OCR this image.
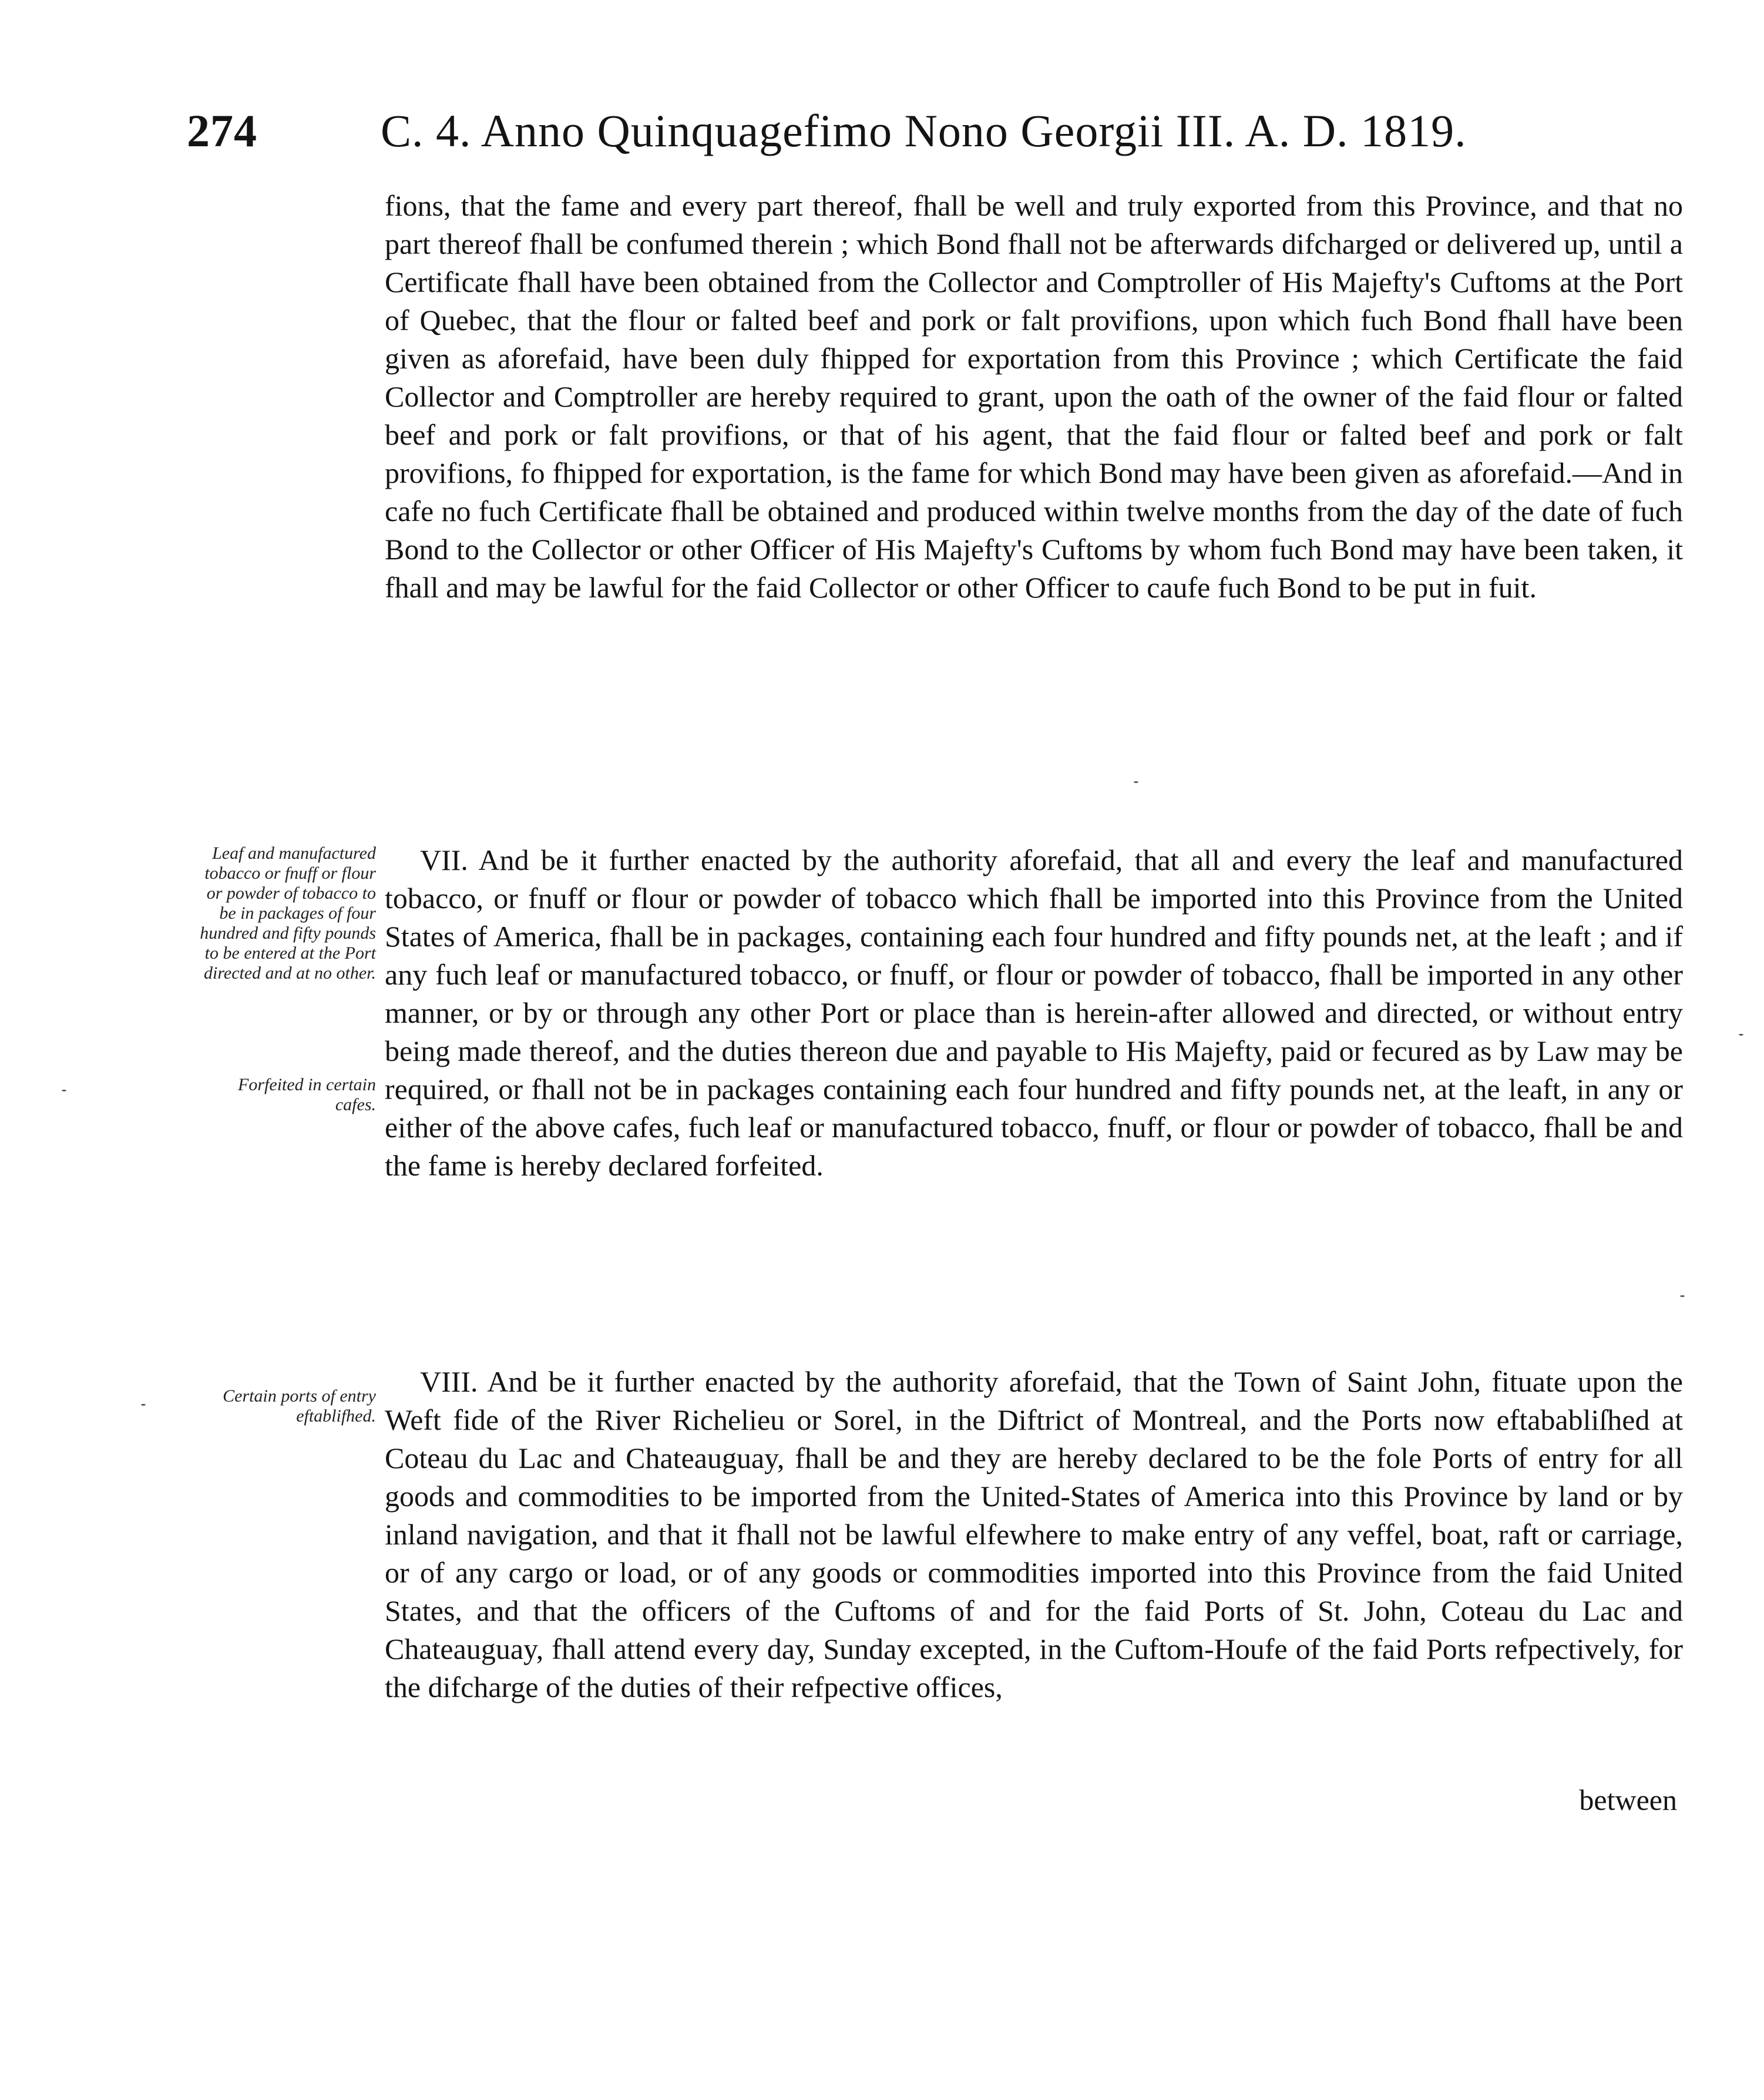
274	C. 4. Anno Quinquagefimo Nono Georgii III. A. D. 1819.
fions, that the fame and every part thereof, fhall be well and truly exported from this Province, and that no part thereof fhall be confumed therein ; which Bond fhall not be afterwards difcharged or delivered up, until a Certificate fhall have been obtained from the Collector and Comptroller of His Majefty's Cuftoms at the Port of Quebec, that the flour or falted beef and pork or falt provifions, upon which fuch Bond fhall have been given as aforefaid, have been duly fhipped for exportation from this Province ; which Certificate the faid Collector and Comptroller are hereby required to grant, upon the oath of the owner of the faid flour or falted beef and pork or falt provifions, or that of his agent, that the faid flour or falted beef and pork or falt provifions, fo fhipped for exportation, is the fame for which Bond may have been given as aforefaid.—And in cafe no fuch Certificate fhall be obtained and produced within twelve months from the day of the date of fuch Bond to the Collector or other Officer of His Majefty's Cuftoms by whom fuch Bond may have been taken, it fhall and may be lawful for the faid Collector or other Officer to caufe fuch Bond to be put in fuit.
Leaf and manufactured tobacco or fnuff or flour or powder of tobacco to be in packages of four hundred and fifty pounds to be entered at the Port directed and at no other.
Forfeited in certain cafes.
VII. And be it further enacted by the authority aforefaid, that all and every the leaf and manufactured tobacco, or fnuff or flour or powder of tobacco which fhall be imported into this Province from the United States of America, fhall be in packages, containing each four hundred and fifty pounds net, at the leaft ; and if any fuch leaf or manufactured tobacco, or fnuff, or flour or powder of tobacco, fhall be imported in any other manner, or by or through any other Port or place than is herein-after allowed and directed, or without entry being made thereof, and the duties thereon due and payable to His Majefty, paid or fecured as by Law may be required, or fhall not be in packages containing each four hundred and fifty pounds net, at the leaft, in any or either of the above cafes, fuch leaf or manufactured tobacco, fnuff, or flour or powder of tobacco, fhall be and the fame is hereby declared forfeited.
Certain ports of entry eftablifhed.
VIII. And be it further enacted by the authority aforefaid, that the Town of Saint John, fituate upon the Weft fide of the River Richelieu or Sorel, in the Diftrict of Montreal, and the Ports now eftababliſhed at Coteau du Lac and Chateauguay, fhall be and they are hereby declared to be the fole Ports of entry for all goods and commodities to be imported from the United-States of America into this Province by land or by inland navigation, and that it fhall not be lawful elfewhere to make entry of any veffel, boat, raft or carriage, or of any cargo or load, or of any goods or commodities imported into this Province from the faid United States, and that the officers of the Cuftoms of and for the faid Ports of St. John, Coteau du Lac and Chateauguay, fhall attend every day, Sunday excepted, in the Cuftom-Houfe of the faid Ports refpectively, for the difcharge of the duties of their refpective offices,
between
